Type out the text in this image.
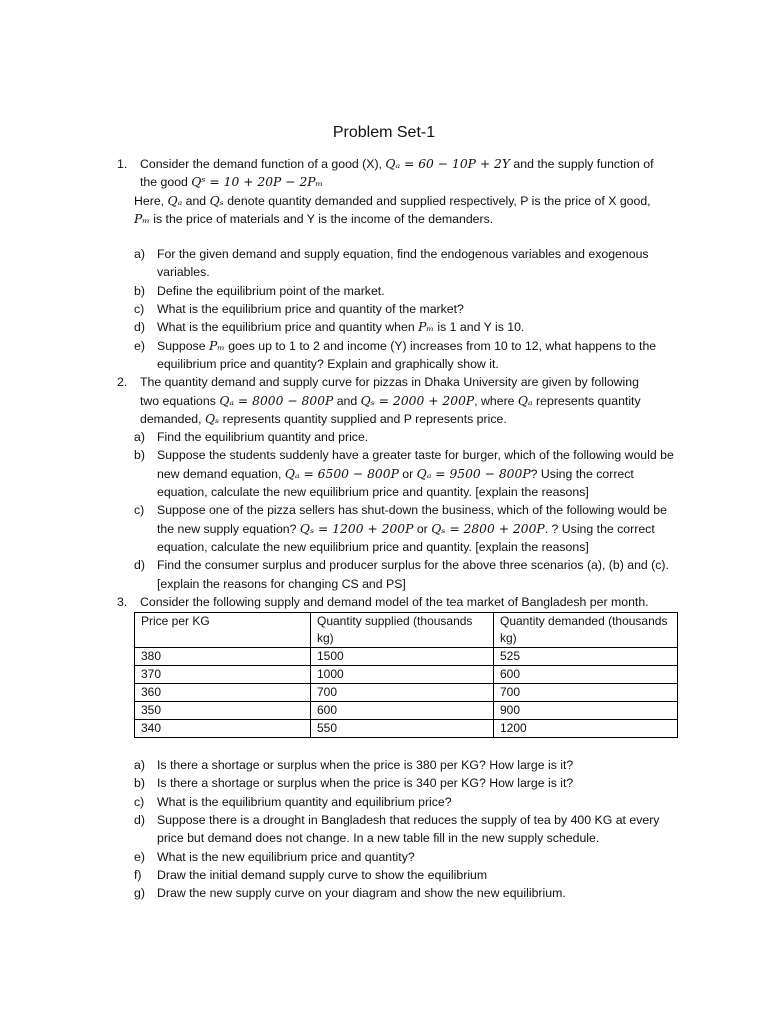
Problem Set-1
1. Consider the demand function of a good (X), Qₐ = 60 − 10P + 2Y and the supply function of
the good Qˢ = 10 + 20P − 2Pₘ

Here, Qₐ and Qₛ denote quantity demanded and supplied respectively, P is the price of X good,
Pₘ is the price of materials and Y is the income of the demanders.

a) For the given demand and supply equation, find the endogenous variables and exogenous variables.
b) Define the equilibrium point of the market.
c) What is the equilibrium price and quantity of the market?
d) What is the equilibrium price and quantity when Pₘ is 1 and Y is 10.
e) Suppose Pₘ goes up to 1 to 2 and income (Y) increases from 10 to 12, what happens to the equilibrium price and quantity? Explain and graphically show it.
2. The quantity demand and supply curve for pizzas in Dhaka University are given by following
two equations Qₐ = 8000 − 800P and Qₛ = 2000 + 200P, where Qₐ represents quantity
demanded, Qₛ represents quantity supplied and P represents price.

a) Find the equilibrium quantity and price.
b) Suppose the students suddenly have a greater taste for burger, which of the following would be new demand equation, Qₐ = 6500 − 800P or Qₐ = 9500 − 800P? Using the correct equation, calculate the new equilibrium price and quantity. [explain the reasons]
c) Suppose one of the pizza sellers has shut-down the business, which of the following would be the new supply equation? Qₛ = 1200 + 200P or Qₛ = 2800 + 200P. ? Using the correct equation, calculate the new equilibrium price and quantity. [explain the reasons]
d) Find the consumer surplus and producer surplus for the above three scenarios (a), (b) and (c). [explain the reasons for changing CS and PS]
3. Consider the following supply and demand model of the tea market of Bangladesh per month.

Price per KG	Quantity supplied (thousands kg)	Quantity demanded (thousands kg)
380	1500	525
370	1000	600
360	700	700
350	600	900
340	550	1200
a) Is there a shortage or surplus when the price is 380 per KG? How large is it?
b) Is there a shortage or surplus when the price is 340 per KG? How large is it?
c) What is the equilibrium quantity and equilibrium price?
d) Suppose there is a drought in Bangladesh that reduces the supply of tea by 400 KG at every price but demand does not change. In a new table fill in the new supply schedule.
e) What is the new equilibrium price and quantity?
f) Draw the initial demand supply curve to show the equilibrium
g) Draw the new supply curve on your diagram and show the new equilibrium.
